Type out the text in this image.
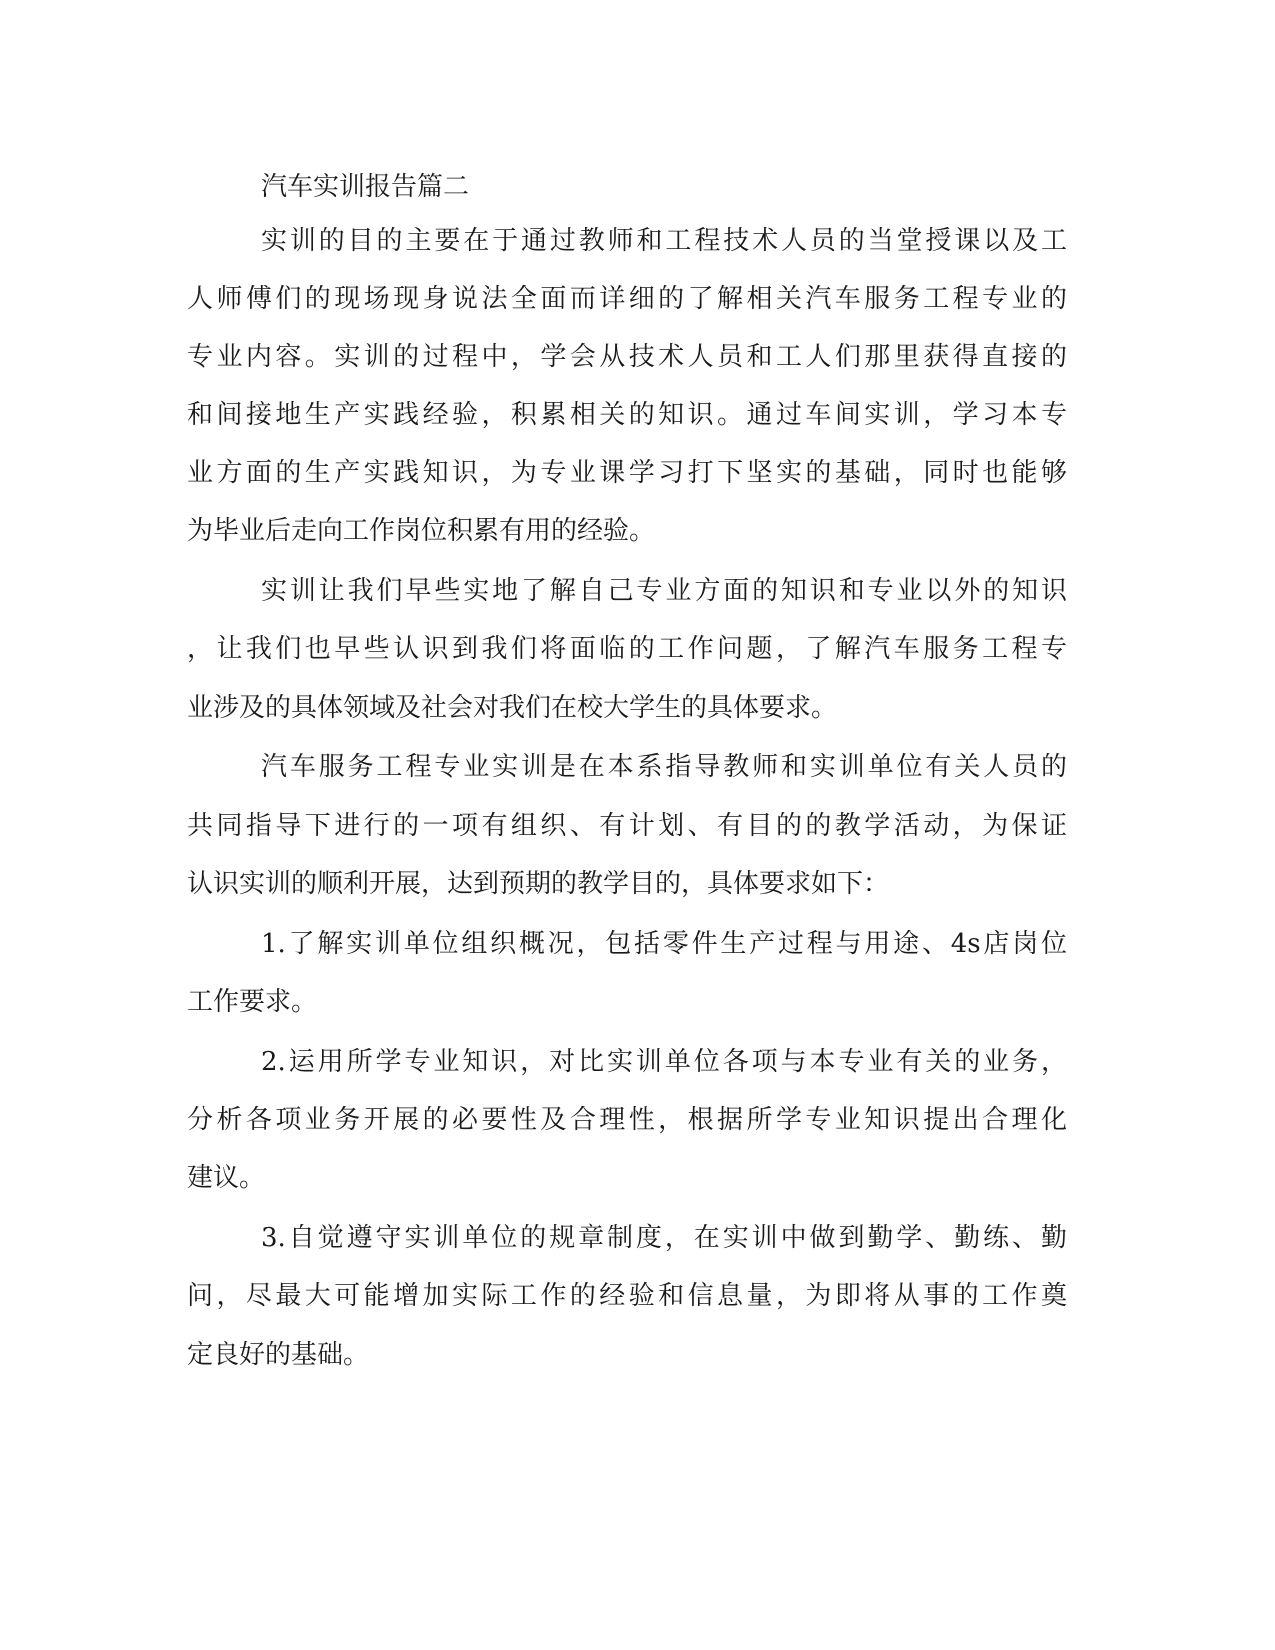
汽车实训报告篇二

实训的目的主要在于通过教师和工程技术人员的当堂授课以及工

人师傅们的现场现身说法全面而详细的了解相关汽车服务工程专业的

专业内容。实训的过程中，学会从技术人员和工人们那里获得直接的

和间接地生产实践经验，积累相关的知识。通过车间实训，学习本专

业方面的生产实践知识，为专业课学习打下坚实的基础，同时也能够

为毕业后走向工作岗位积累有用的经验。

实训让我们早些实地了解自己专业方面的知识和专业以外的知识

，让我们也早些认识到我们将面临的工作问题，了解汽车服务工程专

业涉及的具体领域及社会对我们在校大学生的具体要求。

汽车服务工程专业实训是在本系指导教师和实训单位有关人员的

共同指导下进行的一项有组织、有计划、有目的的教学活动，为保证

认识实训的顺利开展，达到预期的教学目的，具体要求如下：

1.了解实训单位组织概况，包括零件生产过程与用途、4s店岗位

工作要求。

2.运用所学专业知识，对比实训单位各项与本专业有关的业务，

分析各项业务开展的必要性及合理性，根据所学专业知识提出合理化

建议。

3.自觉遵守实训单位的规章制度，在实训中做到勤学、勤练、勤

问，尽最大可能增加实际工作的经验和信息量，为即将从事的工作奠

定良好的基础。
